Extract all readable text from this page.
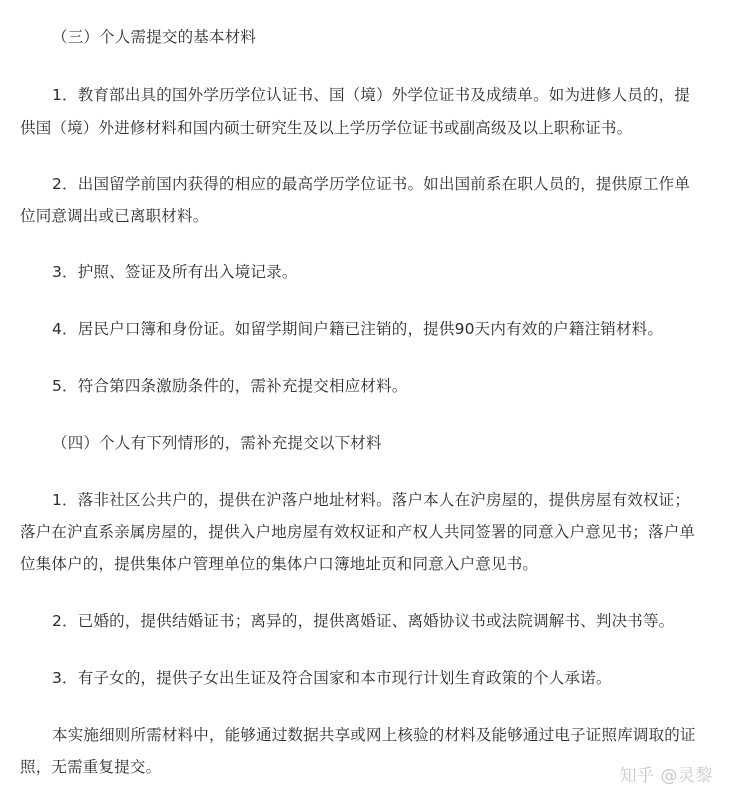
（三）个人需提交的基本材料
1．教育部出具的国外学历学位认证书、国（境）外学位证书及成绩单。如为进修人员的，提
供国（境）外进修材料和国内硕士研究生及以上学历学位证书或副高级及以上职称证书。
2．出国留学前国内获得的相应的最高学历学位证书。如出国前系在职人员的，提供原工作单
位同意调出或已离职材料。
3．护照、签证及所有出入境记录。
4．居民户口簿和身份证。如留学期间户籍已注销的，提供90天内有效的户籍注销材料。
5．符合第四条激励条件的，需补充提交相应材料。
（四）个人有下列情形的，需补充提交以下材料
1．落非社区公共户的，提供在沪落户地址材料。落户本人在沪房屋的，提供房屋有效权证；
落户在沪直系亲属房屋的，提供入户地房屋有效权证和产权人共同签署的同意入户意见书；落户单
位集体户的，提供集体户管理单位的集体户口簿地址页和同意入户意见书。
2．已婚的，提供结婚证书；离异的，提供离婚证、离婚协议书或法院调解书、判决书等。
3．有子女的，提供子女出生证及符合国家和本市现行计划生育政策的个人承诺。
本实施细则所需材料中，能够通过数据共享或网上核验的材料及能够通过电子证照库调取的证
照，无需重复提交。	知乎 @灵黎
